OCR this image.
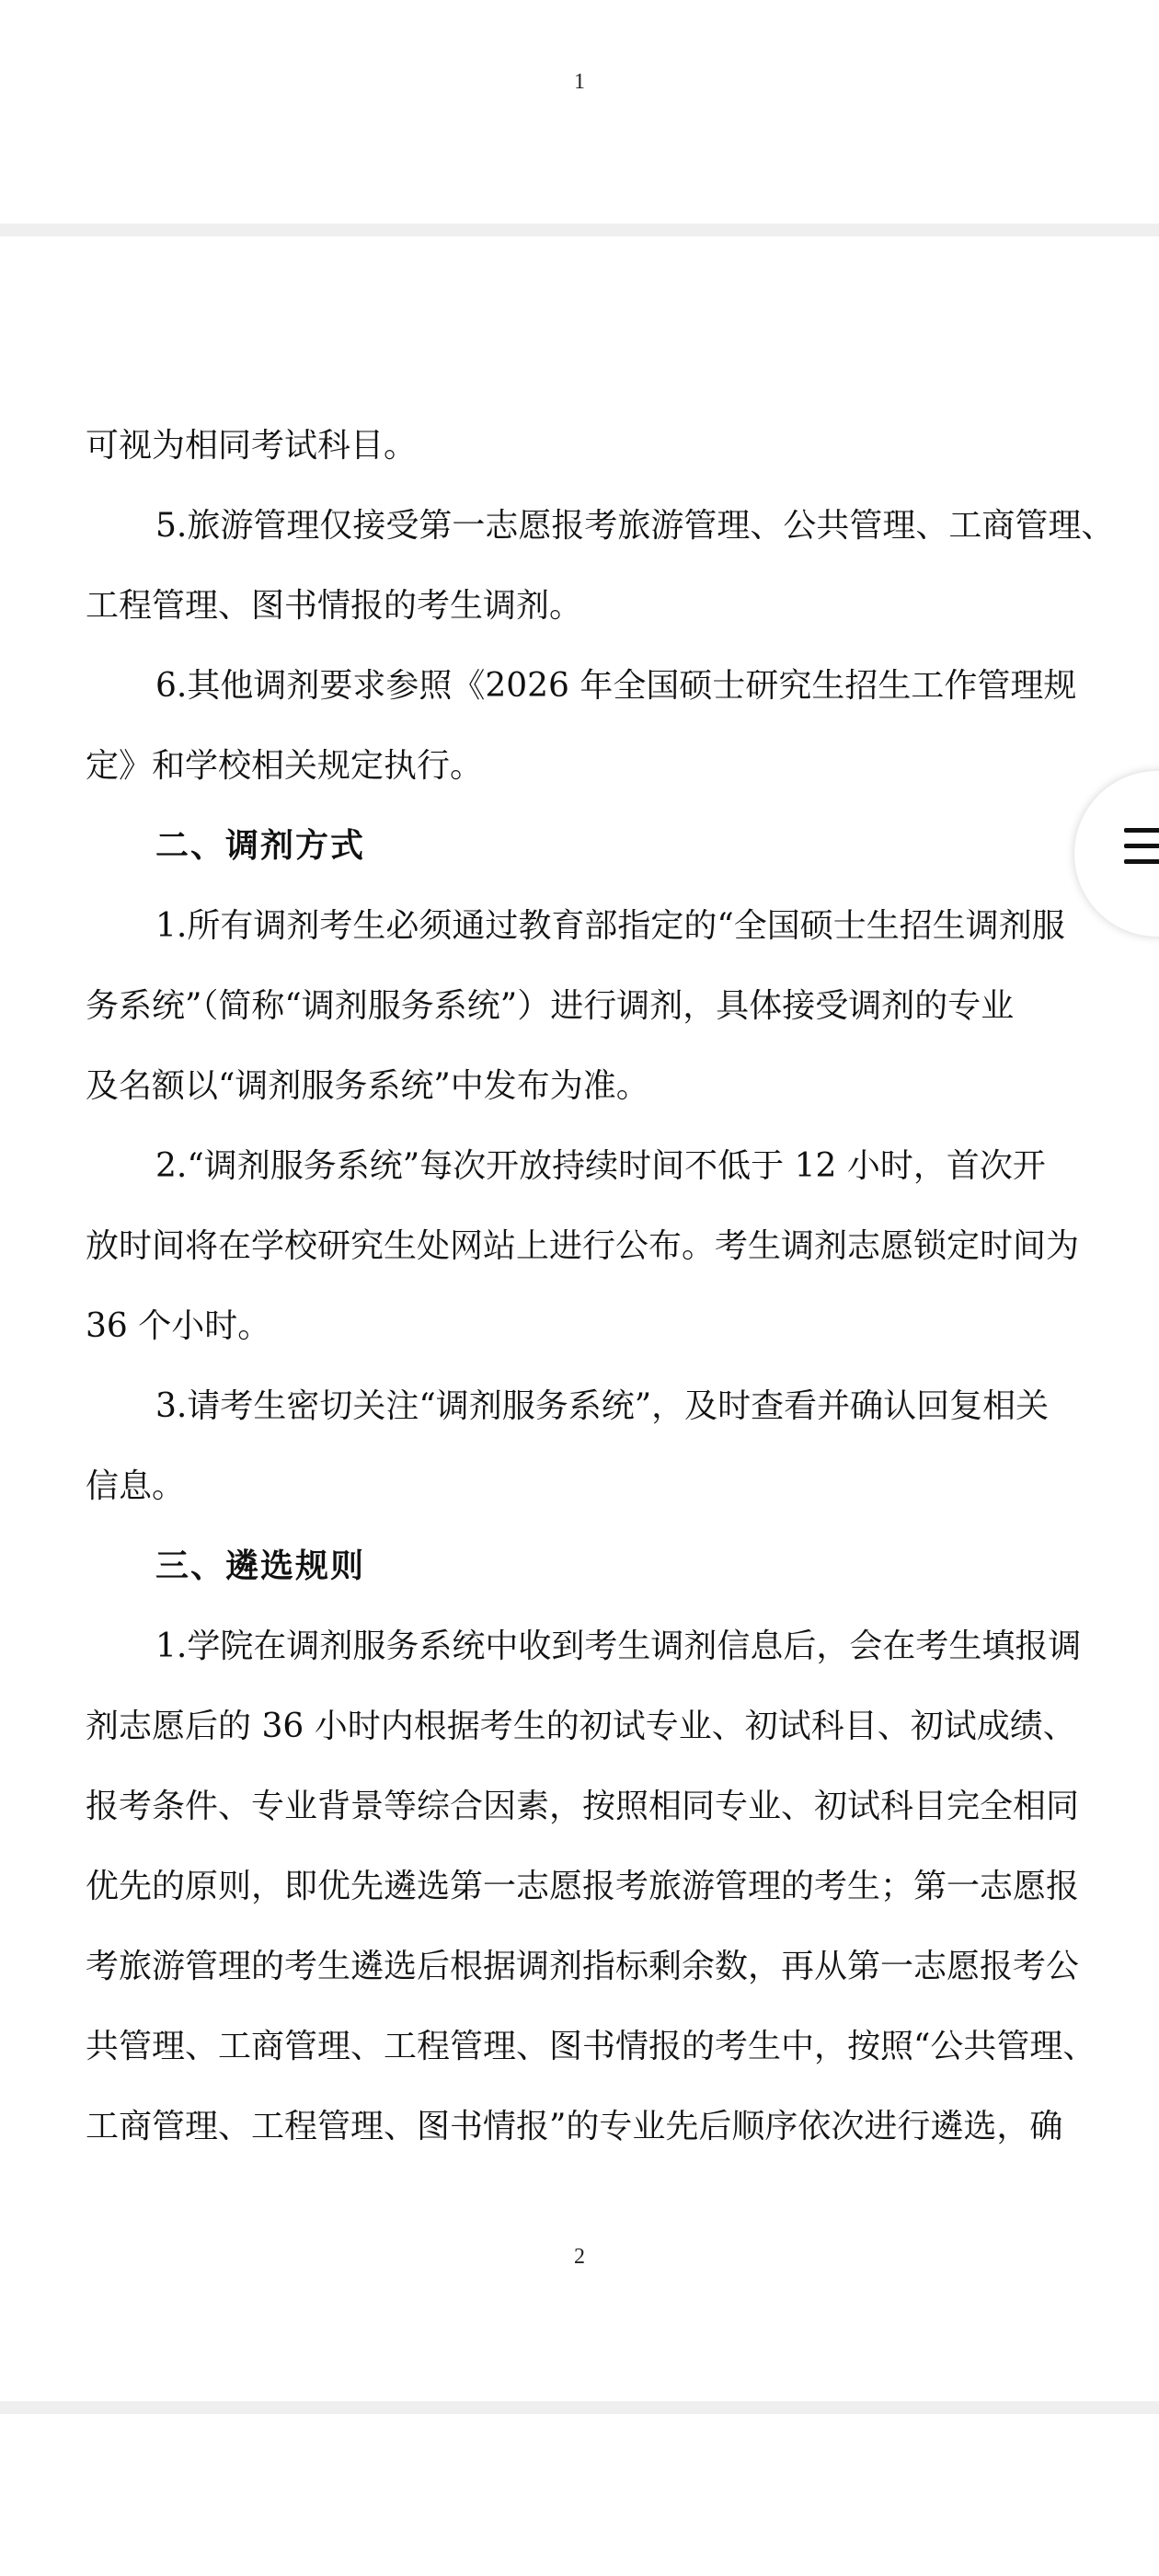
1
可视为相同考试科目。
5.旅游管理仅接受第一志愿报考旅游管理、公共管理、工商管理、
工程管理、图书情报的考生调剂。
6.其他调剂要求参照《2026 年全国硕士研究生招生工作管理规
定》和学校相关规定执行。
二、调剂方式
1.所有调剂考生必须通过教育部指定的“全国硕士生招生调剂服
务系统”（简称“调剂服务系统”）进行调剂，具体接受调剂的专业
及名额以“调剂服务系统”中发布为准。
2.“调剂服务系统”每次开放持续时间不低于 12 小时，首次开
放时间将在学校研究生处网站上进行公布。考生调剂志愿锁定时间为
36 个小时。
3.请考生密切关注“调剂服务系统”，及时查看并确认回复相关
信息。
三、遴选规则
1.学院在调剂服务系统中收到考生调剂信息后，会在考生填报调
剂志愿后的 36 小时内根据考生的初试专业、初试科目、初试成绩、
报考条件、专业背景等综合因素，按照相同专业、初试科目完全相同
优先的原则，即优先遴选第一志愿报考旅游管理的考生；第一志愿报
考旅游管理的考生遴选后根据调剂指标剩余数，再从第一志愿报考公
共管理、工商管理、工程管理、图书情报的考生中，按照“公共管理、
工商管理、工程管理、图书情报”的专业先后顺序依次进行遴选，确
2
